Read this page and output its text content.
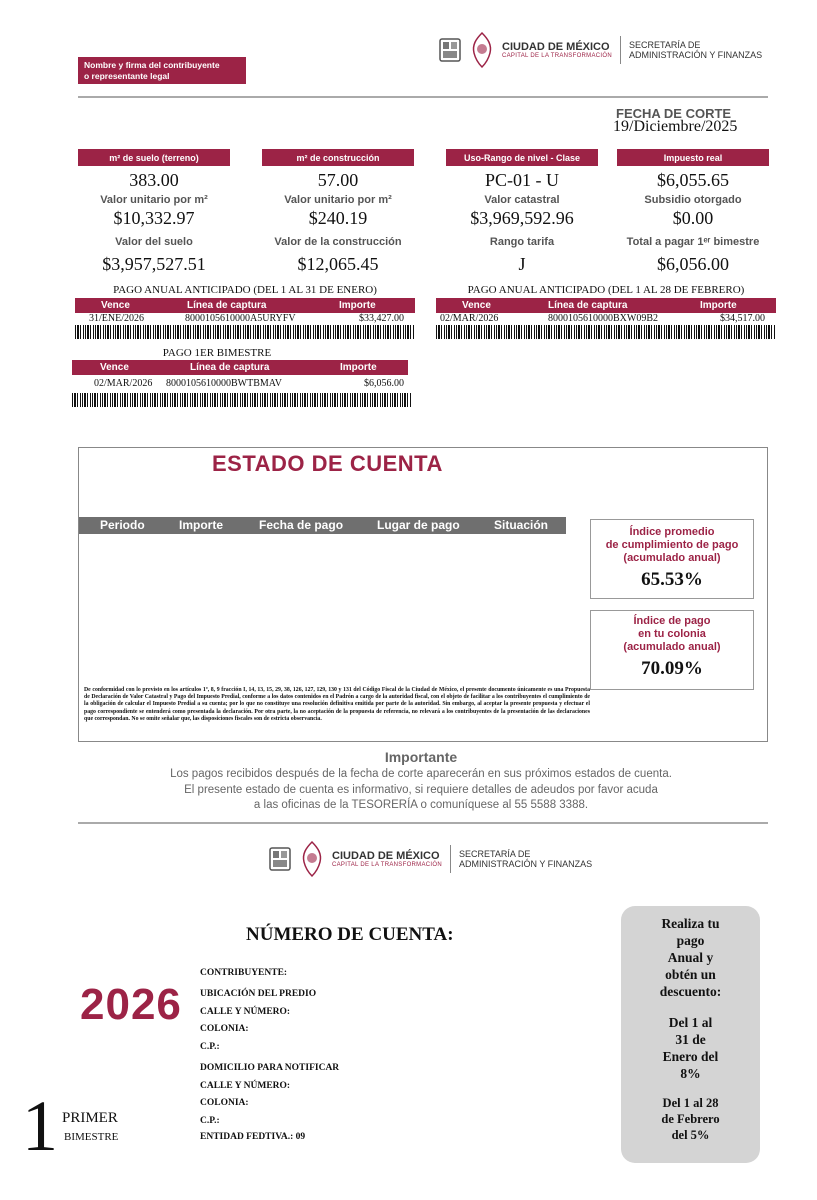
Nombre y firma del contribuyente
o representante legal
CIUDAD DE MÉXICO
CAPITAL DE LA TRANSFORMACIÓN
SECRETARÍA DE
ADMINISTRACIÓN Y FINANZAS
FECHA DE CORTE
19/Diciembre/2025
m² de suelo (terreno)
383.00
Valor unitario por m²
$10,332.97
Valor del suelo
$3,957,527.51
m² de construcción
57.00
Valor unitario por m²
$240.19
Valor de la construcción
$12,065.45
Uso-Rango de nivel - Clase
PC-01 - U
Valor catastral
$3,969,592.96
Rango tarifa
J
Impuesto real
$6,055.65
Subsidio otorgado
$0.00
Total a pagar 1ᵉʳ bimestre
$6,056.00
PAGO ANUAL ANTICIPADO (DEL 1 AL 31 DE ENERO)
Vence	Línea de captura	Importe
31/ENE/2026	8000105610000A5URYFV	$33,427.00
PAGO ANUAL ANTICIPADO (DEL 1 AL 28 DE FEBRERO)
Vence	Línea de captura	Importe
02/MAR/2026	8000105610000BXW09B2	$34,517.00
PAGO 1ER BIMESTRE
Vence	Línea de captura	Importe
02/MAR/2026 8000105610000BWTBMAV	$6,056.00
ESTADO DE CUENTA
Periodo	Importe	Fecha de pago	Lugar de pago	Situación	Índice promedio
de cumplimiento de pago
(acumulado anual)
65.53%
Índice de pago
en tu colonia
(acumulado anual)
70.09%
De conformidad con lo previsto en los artículos 1º, 8, 9 fracción I, 14, 13, 15, 29, 38, 126, 127, 129, 130 y 131 del Código Fiscal de la Ciudad de México, el presente documento únicamente es una Propuesta de Declaración de Valor Catastral y Pago del Impuesto Predial, conforme a los datos contenidos en el Padrón a cargo de la autoridad fiscal, con el objeto de facilitar a los contribuyentes el cumplimiento de la obligación de calcular el Impuesto Predial a su cuenta; por lo que no constituye una resolución definitiva emitida por parte de la autoridad. Sin embargo, al aceptar la presente propuesta y efectuar el pago correspondiente se entenderá como presentada la declaración. Por otra parte, la no aceptación de la propuesta de referencia, no relevará a los contribuyentes de la presentación de las declaraciones que correspondan. No se omite señalar que, las disposiciones fiscales son de estricta observancia.
Importante
Los pagos recibidos después de la fecha de corte aparecerán en sus próximos estados de cuenta.
El presente estado de cuenta es informativo, si requiere detalles de adeudos por favor acuda
a las oficinas de la TESORERÍA o comuníquese al 55 5588 3388.
CIUDAD DE MÉXICO
CAPITAL DE LA TRANSFORMACIÓN
SECRETARÍA DE
ADMINISTRACIÓN Y FINANZAS
NÚMERO DE CUENTA:
2026
CONTRIBUYENTE:
UBICACIÓN DEL PREDIO
CALLE Y NÚMERO:
COLONIA:
C.P.:
DOMICILIO PARA NOTIFICAR
CALLE Y NÚMERO:
COLONIA:
C.P.:
ENTIDAD FEDTIVA.: 09
1 PRIMER
BIMESTRE
Realiza tu
pago
Anual y
obtén un
descuento:
Del 1 al
31 de
Enero del
8%
Del 1 al 28
de Febrero
del 5%
